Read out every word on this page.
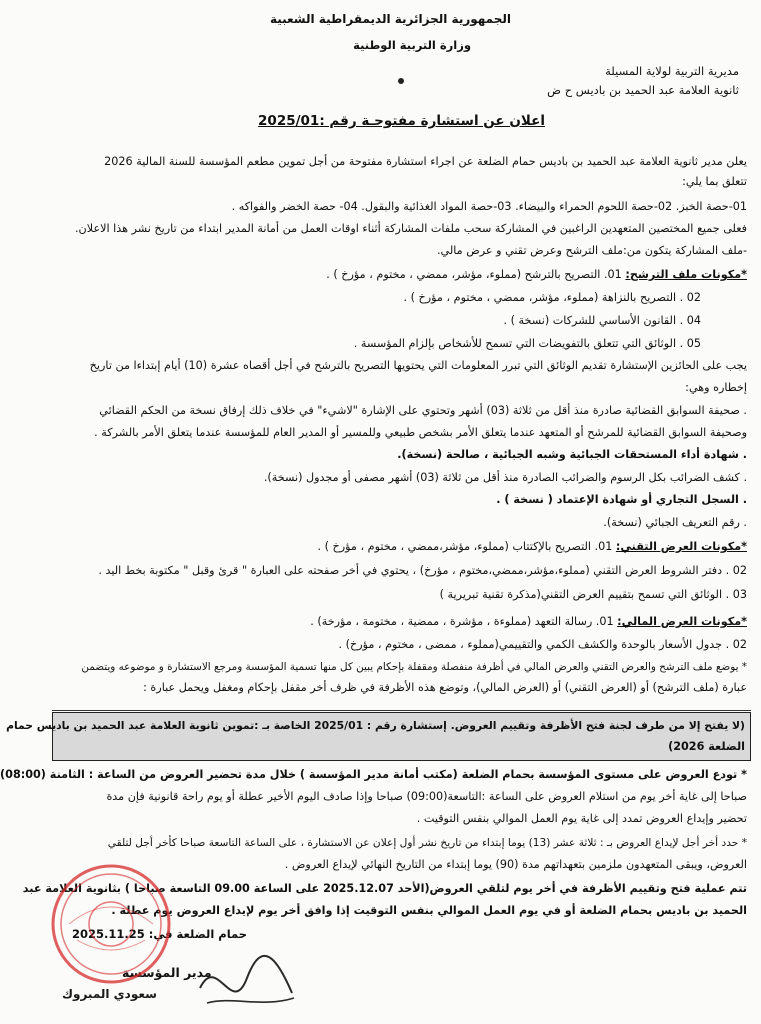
الجمهورية الجزائرية الديمقراطية الشعبية
وزارة التربية الوطنية
مديرية التربية لولاية المسيلة
ثانوية العلامة عبد الحميد بن باديس ح ض
اعلان عن استشارة مفتوحـة رقم :2025/01
يعلن مدير ثانوية العلامة عبد الحميد بن باديس حمام الضلعة عن اجراء استشارة مفتوحة من أجل تموين مطعم المؤسسة للسنة المالية 2026
تتعلق بما يلي:
01-حصة الخبز. 02-حصة اللحوم الحمراء والبيضاء. 03-حصة المواد الغذائية والبقول. 04- حصة الخضر والفواكه .
فعلى جميع المختصين المتعهدين الراغبين في المشاركة سحب ملفات المشاركة أثناء اوقات العمل من أمانة المدير ابتداء من تاريخ نشر هذا الاعلان.
-ملف المشاركة يتكون من:ملف الترشح وعرض تقني و عرض مالي.
*مكونات ملف الترشح: 01. التصريح بالترشح (مملوء، مؤشر، ممضي ، مختوم ، مؤرخ ) .
02 . التصريح بالنزاهة (مملوء، مؤشر، ممضي ، مختوم ، مؤرخ ) .
04 . القانون الأساسي للشركات (نسخة ) .
05 . الوثائق التي تتعلق بالتفويضات التي تسمح للأشخاص بإلزام المؤسسة .
يجب على الحائزين الإستشارة تقديم الوثائق التي تبرر المعلومات التي يحتويها التصريح بالترشح في أجل أقصاه عشرة (10) أيام إبتداءا من تاريخ
إخطاره وهي:
. صحيفة السوابق القضائية صادرة منذ أقل من ثلاثة (03) أشهر وتحتوي على الإشارة "لاشيء" في خلاف ذلك إرفاق نسخة من الحكم القضائي
وصحيفة السوابق القضائية للمرشح أو المتعهد عندما يتعلق الأمر بشخص طبيعي وللمسير أو المدير العام للمؤسسة عندما يتعلق الأمر بالشركة .
. شهادة أداء المستحقات الجبائية وشبه الجبائية ، صالحة (نسخة).
. كشف الضرائب بكل الرسوم والضرائب الصادرة منذ أقل من ثلاثة (03) أشهر مصفى أو مجدول (نسخة).
. السجل التجاري أو شهادة الإعتماد ( نسخة ) .
. رقم التعريف الجبائي (نسخة).
*مكونات العرض التقني: 01. التصريح بالإكتتاب (مملوء، مؤشر،ممضي ، مختوم ، مؤرخ ) .
02 . دفتر الشروط العرض التقني (مملوء،مؤشر،ممضي،مختوم ، مؤرخ) ، يحتوي في أخر صفحته على العبارة " قرئ وقبل " مكتوبة بخط اليد .
03 . الوثائق التي تسمح بتقييم العرض التقني(مذكرة تقنية تبريرية )
*مكونات العرض المالي: 01. رسالة التعهد (مملوءة ، مؤشرة ، ممضية ، مختومة ، مؤرخة) .
02 . جدول الأسعار بالوحدة والكشف الكمي والتقييمي(مملوء ، ممضى ، مختوم ، مؤرخ) .
* يوضع ملف الترشح والعرض التقني والعرض المالي في أظرفة منفصلة ومقفلة بإحكام يبين كل منها تسمية المؤسسة ومرجع الاستشارة و موضوعه ويتضمن
عبارة (ملف الترشح) أو (العرض التقني) أو (العرض المالي)، وتوضع هذه الأظرفة في ظرف أخر مقفل بإحكام ومغفل ويحمل عبارة :
(لا يفتح إلا من طرف لجنة فتح الأظرفة وتقييم العروض. إستشارة رقم : 2025/01 الخاصة بـ :تموين ثانوية العلامة عبد الحميد بن باديس حمام
الضلعة 2026)
* تودع العروض على مستوى المؤسسة بحمام الضلعة (مكتب أمانة مدير المؤسسة ) خلال مدة تحضير العروض من الساعة : الثامنة (08:00)
صباحا إلى غاية أخر يوم من استلام العروض على الساعة :التاسعة(09:00) صباحا وإذا صادف اليوم الأخير عطلة أو يوم راحة قانونية فإن مدة
تحضير وإيداع العروض تمدد إلى غاية يوم العمل الموالي بنفس التوقيت .
* حدد أخر أجل لإيداع العروض بـ : ثلاثة عشر (13) يوما إبتداء من تاريخ نشر أول إعلان عن الاستشارة ، على الساعة التاسعة صباحا كأخر أجل لتلقي
العروض، ويبقى المتعهدون ملزمين بتعهداتهم مدة (90) يوما إبتداء من التاريخ النهائي لإيداع العروض .
تتم عملية فتح وتقييم الأظرفة في أخر يوم لتلقي العروض(الأحد 2025.12.07 على الساعة 09.00 التاسعة صباحا ) بثانوية العلامة عبد
الحميد بن باديس بحمام الضلعة أو في يوم العمل الموالي بنفس التوقيت إذا وافق أخر يوم لإيداع العروض يوم عطلة .
حمام الضلعة في: 2025.11.25
مدير المؤسسة
سعودي المبروك
